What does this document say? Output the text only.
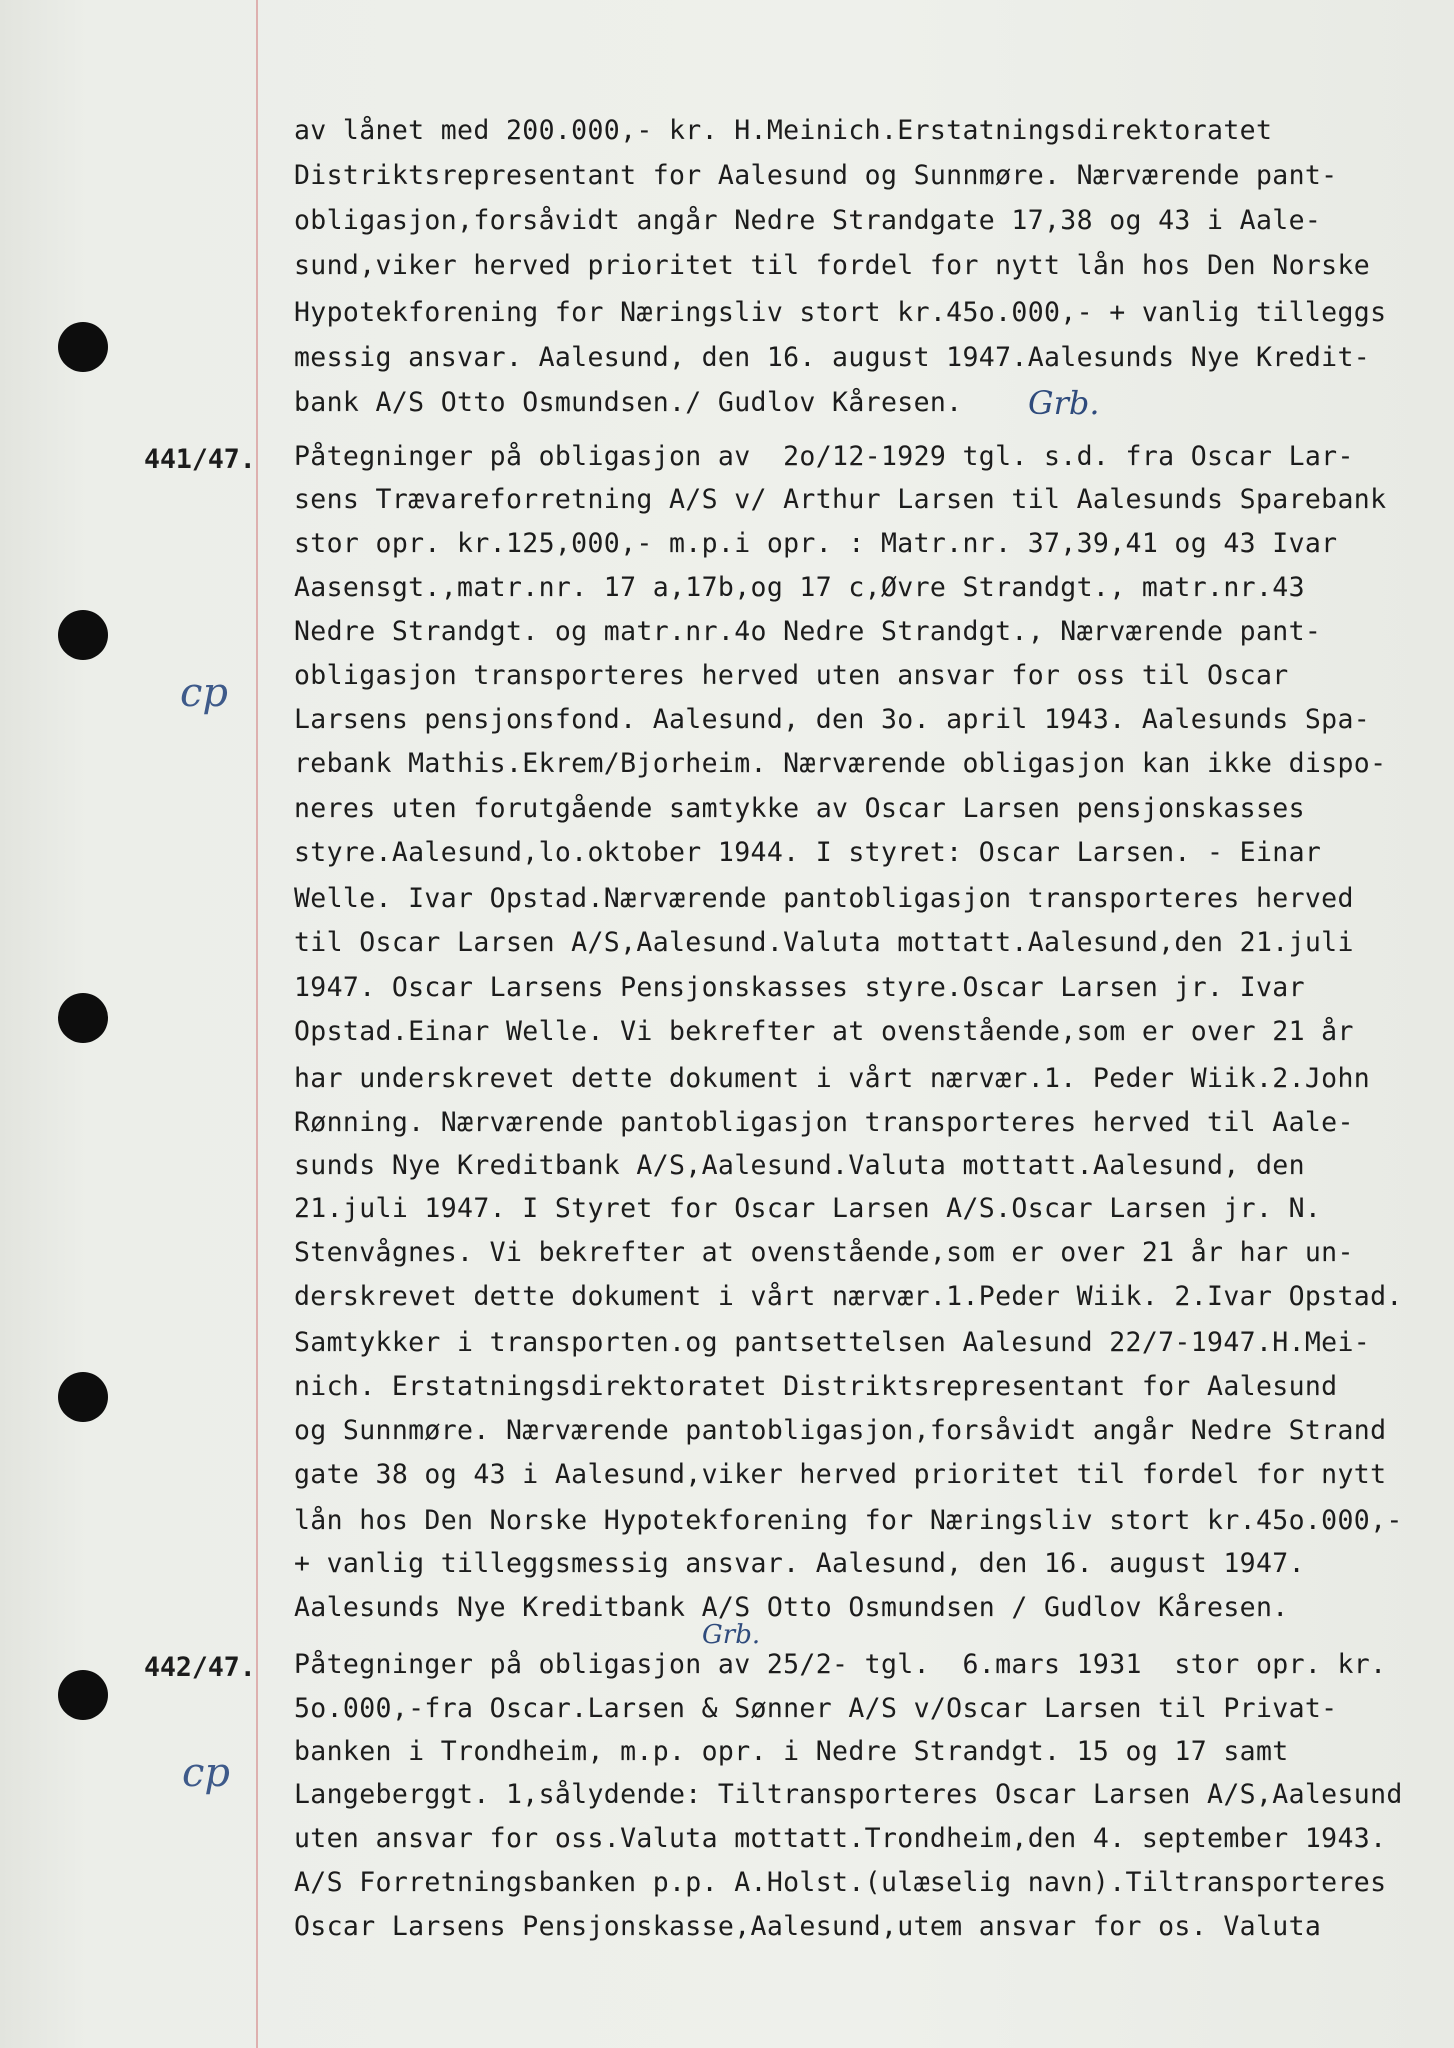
av lånet med 200.000,- kr. H.Meinich.Erstatningsdirektoratet
Distriktsrepresentant for Aalesund og Sunnmøre. Nærværende pant-
obligasjon,forsåvidt angår Nedre Strandgate 17,38 og 43 i Aale-
sund,viker herved prioritet til fordel for nytt lån hos Den Norske
Hypotekforening for Næringsliv stort kr.45o.000,- + vanlig tilleggs
messig ansvar. Aalesund, den 16. august 1947.Aalesunds Nye Kredit-
bank A/S Otto Osmundsen./ Gudlov Kåresen. Grb.
441/47. Påtegninger på obligasjon av  2o/12-1929 tgl. s.d. fra Oscar Lar-
sens Trævareforretning A/S v/ Arthur Larsen til Aalesunds Sparebank
stor opr. kr.125,000,- m.p.i opr. : Matr.nr. 37,39,41 og 43 Ivar
Aasensgt.,matr.nr. 17 a,17b,og 17 c,Øvre Strandgt., matr.nr.43
Nedre Strandgt. og matr.nr.4o Nedre Strandgt., Nærværende pant-
obligasjon transporteres herved uten ansvar for oss til Oscar
Larsens pensjonsfond. Aalesund, den 3o. april 1943. Aalesunds Spa-
rebank Mathis.Ekrem/Bjorheim. Nærværende obligasjon kan ikke dispo-
neres uten forutgående samtykke av Oscar Larsen pensjonskasses
styre.Aalesund,lo.oktober 1944. I styret: Oscar Larsen. - Einar
Welle. Ivar Opstad.Nærværende pantobligasjon transporteres herved
til Oscar Larsen A/S,Aalesund.Valuta mottatt.Aalesund,den 21.juli
1947. Oscar Larsens Pensjonskasses styre.Oscar Larsen jr. Ivar
Opstad.Einar Welle. Vi bekrefter at ovenstående,som er over 21 år
har underskrevet dette dokument i vårt nærvær.1. Peder Wiik.2.John
Rønning. Nærværende pantobligasjon transporteres herved til Aale-
sunds Nye Kreditbank A/S,Aalesund.Valuta mottatt.Aalesund, den
21.juli 1947. I Styret for Oscar Larsen A/S.Oscar Larsen jr. N.
Stenvågnes. Vi bekrefter at ovenstående,som er over 21 år har un-
derskrevet dette dokument i vårt nærvær.1.Peder Wiik. 2.Ivar Opstad.
Samtykker i transporten.og pantsettelsen Aalesund 22/7-1947.H.Mei-
nich. Erstatningsdirektoratet Distriktsrepresentant for Aalesund
og Sunnmøre. Nærværende pantobligasjon,forsåvidt angår Nedre Strand
gate 38 og 43 i Aalesund,viker herved prioritet til fordel for nytt
lån hos Den Norske Hypotekforening for Næringsliv stort kr.45o.000,-
+ vanlig tilleggsmessig ansvar. Aalesund, den 16. august 1947.
Aalesunds Nye Kreditbank A/S Otto Osmundsen / Gudlov Kåresen.
cp
Grb.
442/47. Påtegninger på obligasjon av 25/2- tgl.  6.mars 1931  stor opr. kr.
5o.000,-fra Oscar.Larsen & Sønner A/S v/Oscar Larsen til Privat-
banken i Trondheim, m.p. opr. i Nedre Strandgt. 15 og 17 samt
Langeberggt. 1,sålydende: Tiltransporteres Oscar Larsen A/S,Aalesund
uten ansvar for oss.Valuta mottatt.Trondheim,den 4. september 1943.
A/S Forretningsbanken p.p. A.Holst.(ulæselig navn).Tiltransporteres
Oscar Larsens Pensjonskasse,Aalesund,utem ansvar for os. Valuta
cp
